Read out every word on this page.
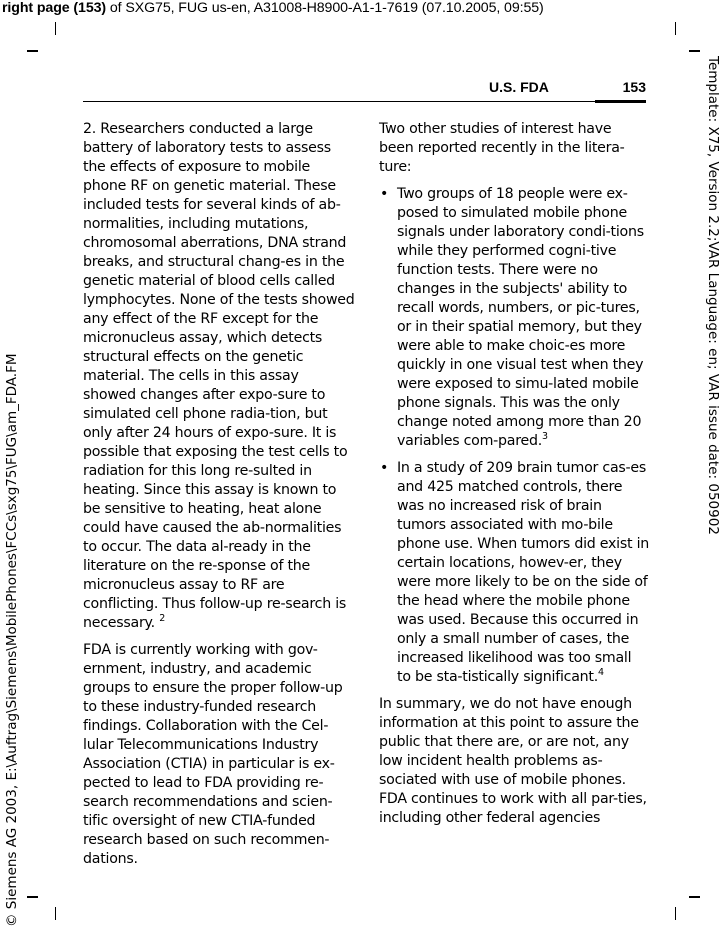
right page (153) of SXG75, FUG us-en, A31008-H8900-A1-1-7619 (07.10.2005, 09:55)
© Siemens AG 2003, E:\Auftrag\Siemens\MobilePhones\FCCs\sxg75\FUG\am_FDA.FM
Template: X75, Version 2.2;VAR Language: en; VAR issue date: 050902
U.S. FDA	153

2. Researchers conducted a large battery of laboratory tests to assess the effects of exposure to mobile phone RF on genetic material. These included tests for several kinds of ab-normalities, including mutations, chromosomal aberrations, DNA strand breaks, and structural chang-es in the genetic material of blood cells called lymphocytes. None of the tests showed any effect of the RF except for the micronucleus assay, which detects structural effects on the genetic material. The cells in this assay showed changes after expo-sure to simulated cell phone radia-tion, but only after 24 hours of expo-sure. It is possible that exposing the test cells to radiation for this long re-sulted in heating. Since this assay is known to be sensitive to heating, heat alone could have caused the ab-normalities to occur. The data al-ready in the literature on the re-sponse of the micronucleus assay to RF are conflicting. Thus follow-up re-search is necessary. $^2$

FDA is currently working with gov-ernment, industry, and academic groups to ensure the proper follow-up to these industry-funded research findings. Collaboration with the Cel-lular Telecommunications Industry Association (CTIA) in particular is ex-pected to lead to FDA providing re-search recommendations and scien-tific oversight of new CTIA-funded research based on such recommen-dations.

Two other studies of interest have been reported recently in the litera-ture:

• Two groups of 18 people were ex-posed to simulated mobile phone signals under laboratory condi-tions while they performed cogni-tive function tests. There were no changes in the subjects' ability to recall words, numbers, or pic-tures, or in their spatial memory, but they were able to make choic-es more quickly in one visual test when they were exposed to simu-lated mobile phone signals. This was the only change noted among more than 20 variables com-pared.$^3$
• In a study of 209 brain tumor cas-es and 425 matched controls, there was no increased risk of brain tumors associated with mo-bile phone use. When tumors did exist in certain locations, howev-er, they were more likely to be on the side of the head where the mobile phone was used. Because this occurred in only a small number of cases, the increased likelihood was too small to be sta-tistically significant.$^4$

In summary, we do not have enough information at this point to assure the public that there are, or are not, any low incident health problems as-sociated with use of mobile phones. FDA continues to work with all par-ties, including other federal agencies
